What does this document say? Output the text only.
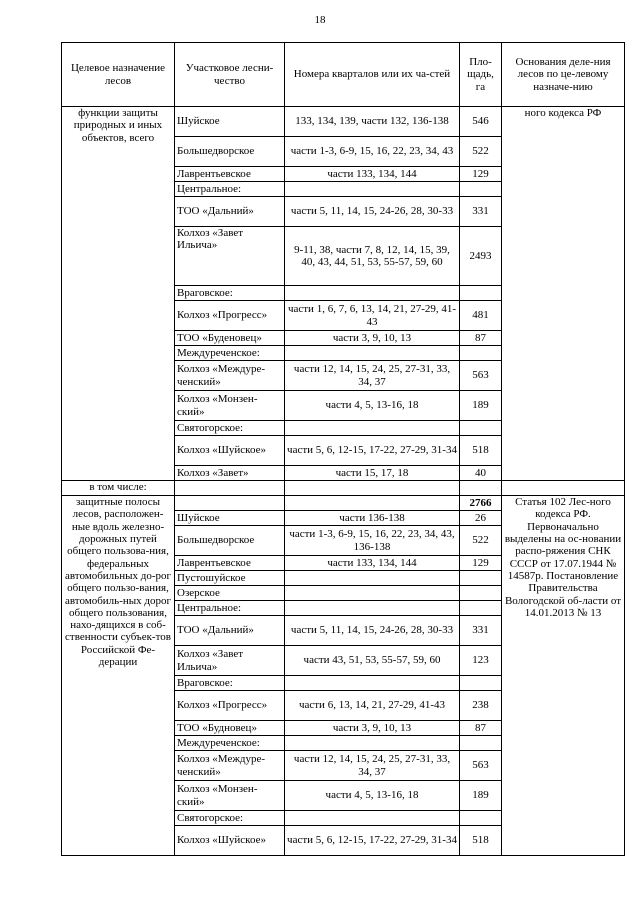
18
Целевое назначение лесов	Участковое лесни-чество	Номера кварталов или их ча-стей	Пло-щадь, га	Основания деле-ния лесов по це-левому назначе-нию
функции защиты природных и иных объектов, всего	Шуйское	133, 134, 139, части 132, 136-138	546	ного кодекса РФ
	Большедворское	части 1-3, 6-9, 15, 16, 22, 23, 34, 43	522	
	Лаврентьевское	части 133, 134, 144	129	
	Центральное:			
	ТОО «Дальний»	части 5, 11, 14, 15, 24-26, 28, 30-33	331	
	Колхоз «Завет Ильича»	9-11, 38, части 7, 8, 12, 14, 15, 39, 40, 43, 44, 51, 53, 55-57, 59, 60	2493	
	Враговское:			
	Колхоз «Прогресс»	части 1, 6, 7, 6, 13, 14, 21, 27-29, 41-43	481	
	ТОО «Буденовец»	части 3, 9, 10, 13	87	
	Междуреченское:			
	Колхоз «Междуре-ченский»	части 12, 14, 15, 24, 25, 27-31, 33, 34, 37	563	
	Колхоз «Монзен-ский»	части 4, 5, 13-16, 18	189	
	Святогорское:			
	Колхоз «Шуйское»	части 5, 6, 12-15, 17-22, 27-29, 31-34	518	
	Колхоз «Завет»	части 15, 17, 18	40	
в том числе:				
защитные полосы лесов, расположен-ные вдоль железно-дорожных путей общего пользова-ния, федеральных автомобильных до-рог общего пользо-вания, автомобиль-ных дорог общего пользования, нахо-дящихся в соб-ственности субъек-тов Российской Фе-дерации			2766	Статья 102 Лес-ного кодекса РФ. Первоначально выделены на ос-новании распо-ряжения СНК СССР от 17.07.1944 № 14587р. Постановление Правительства Вологодской об-ласти от 14.01.2013 № 13
	Шуйское	части 136-138	26	
	Большедворское	части 1-3, 6-9, 15, 16, 22, 23, 34, 43, 136-138	522	
	Лаврентьевское	части 133, 134, 144	129	
	Пустошуйское			
	Озерское			
	Центральное:			
	ТОО «Дальний»	части 5, 11, 14, 15, 24-26, 28, 30-33	331	
	Колхоз «Завет Ильича»	части 43, 51, 53, 55-57, 59, 60	123	
	Враговское:			
	Колхоз «Прогресс»	части 6, 13, 14, 21, 27-29, 41-43	238	
	ТОО «Будновец»	части 3, 9, 10, 13	87	
	Междуреченское:			
	Колхоз «Междуре-ченский»	части 12, 14, 15, 24, 25, 27-31, 33, 34, 37	563	
	Колхоз «Монзен-ский»	части 4, 5, 13-16, 18	189	
	Святогорское:			
	Колхоз «Шуйское»	части 5, 6, 12-15, 17-22, 27-29, 31-34	518	
